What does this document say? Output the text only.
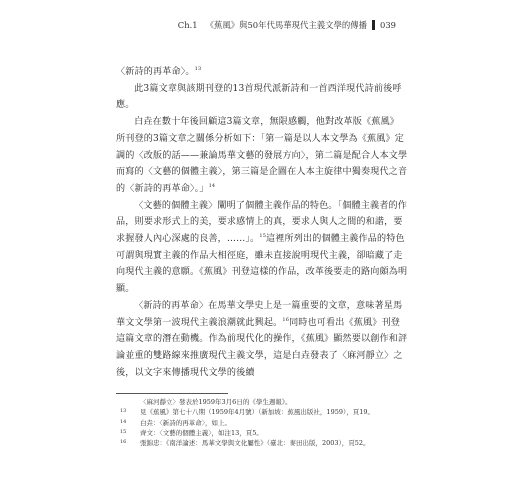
Ch.1 《蕉風》與50年代馬華現代主義文學的傳播 039

〈新詩的再革命〉。$^{13}$

此3篇文章與該期刊登的13首現代派新詩和一首西洋現代詩前後呼應。

白垚在數十年後回顧這3篇文章，無限感觸，他對改革版《蕉風》所刊登的3篇文章之關係分析如下：「第一篇是以人本文學為《蕉風》定調的〈改版的話——兼論馬華文藝的發展方向〉，第二篇是配合人本文學而寫的〈文藝的個體主義〉，第三篇是企圖在人本主旋律中獨奏現代之音的〈新詩的再革命〉。」$^{14}$

〈文藝的個體主義〉闡明了個體主義作品的特色。「個體主義者的作品，則要求形式上的美，要求感情上的真，要求人與人之間的和諧，要求握發人內心深處的良善，……」。$^{15}$這裡所列出的個體主義作品的特色可謂與現實主義的作品大相徑庭，雖未直接說明現代主義，卻暗藏了走向現代主義的意願。《蕉風》刊登這樣的作品，改革後要走的路向頗為明顯。

〈新詩的再革命〉在馬華文學史上是一篇重要的文章，意味著星馬華文文學第一波現代主義浪潮就此興起。$^{16}$同時也可看出《蕉風》刊登這篇文章的潛在動機。作為前現代化的操作，《蕉風》顯然要以創作和評論並重的雙路線來推廣現代主義文學，這是白垚發表了〈麻河靜立〉之後，以文字來傳播現代文學的後續

〈麻河靜立〉發表於1959年3月6日的《學生週報》。
13 見《蕉風》第七十八期（1959年4月號）（新加坡：蕉風出版社，1959），頁19。
14 白垚：〈新詩的再革命〉，如上。
15 齊文：〈文藝的個體主義〉，如注13，頁5。
16 張錦忠：《南洋論述：馬華文學與文化屬性》（臺北：麥田出版，2003），頁52。
